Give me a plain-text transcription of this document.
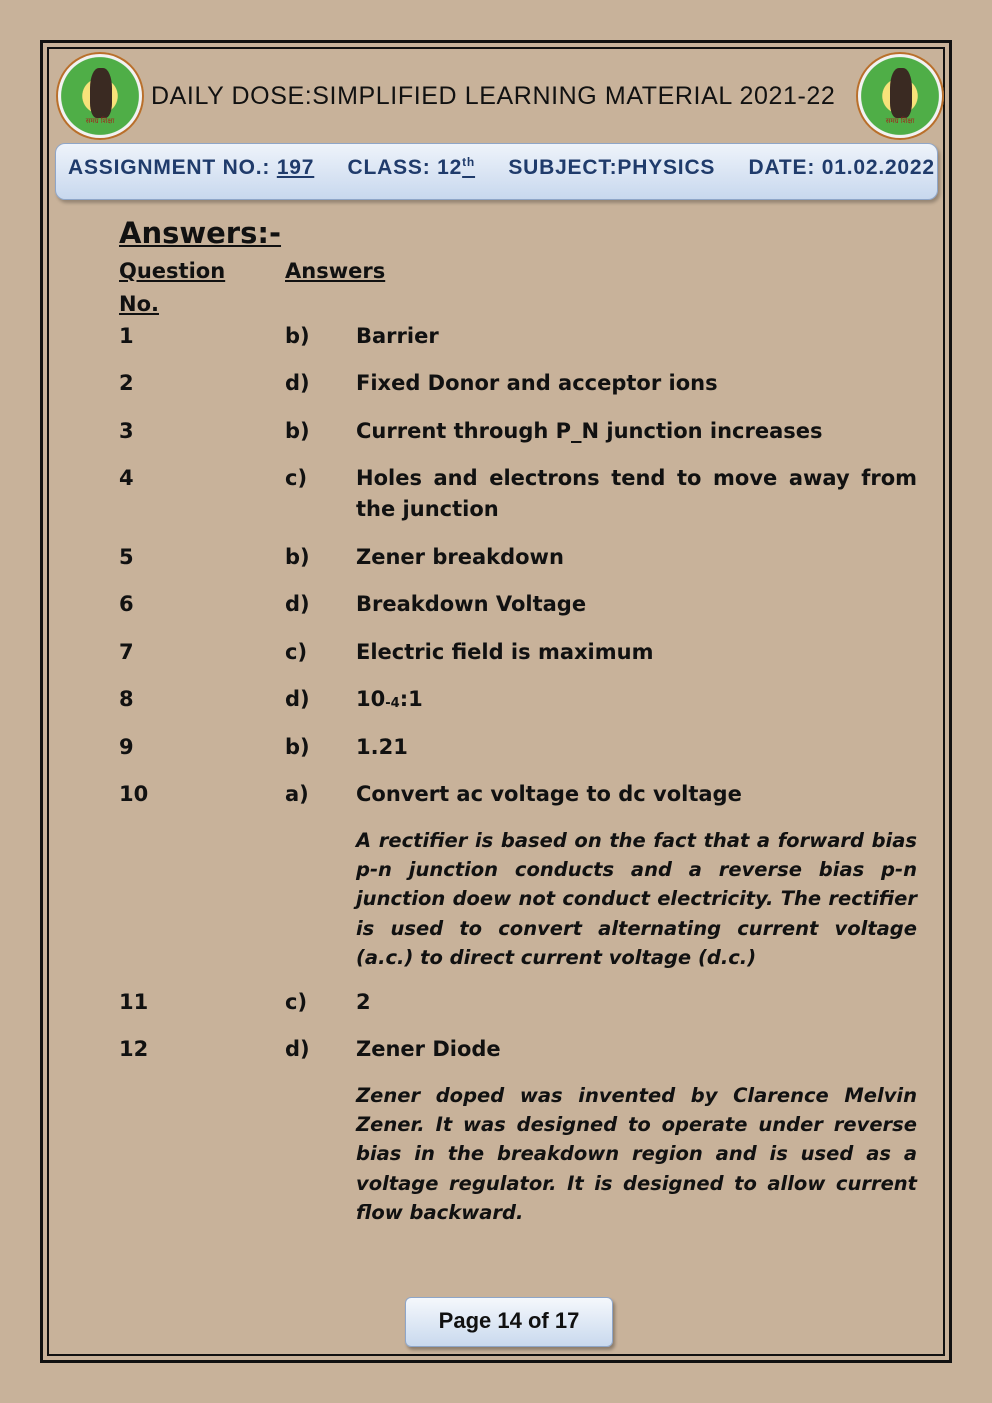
समग्र शिक्षा
DAILY DOSE:SIMPLIFIED LEARNING MATERIAL 2021-22
समग्र शिक्षा
ASSIGNMENT NO.: 197 CLASS: 12th SUBJECT:PHYSICS DATE: 01.02.2022
Answers:-
Question
No.
Answers
1	b) Barrier
2	d) Fixed Donor and acceptor ions
3	b) Current through P_N junction increases
4	c) Holes and electrons tend to move away from the junction
5	b) Zener breakdown
6	d) Breakdown Voltage
7	c) Electric field is maximum
8	d) $10_{-4}:1$
9	b) 1.21
10	a) Convert ac voltage to dc voltage
A rectifier is based on the fact that a forward bias p-n junction conducts and a reverse bias p-n junction doew not conduct electricity. The rectifier is used to convert alternating current voltage (a.c.) to direct current voltage (d.c.)
11	c) 2
12	d) Zener Diode
Zener doped was invented by Clarence Melvin Zener. It was designed to operate under reverse bias in the breakdown region and is used as a voltage regulator. It is designed to allow current flow backward.
Page 14 of 17
